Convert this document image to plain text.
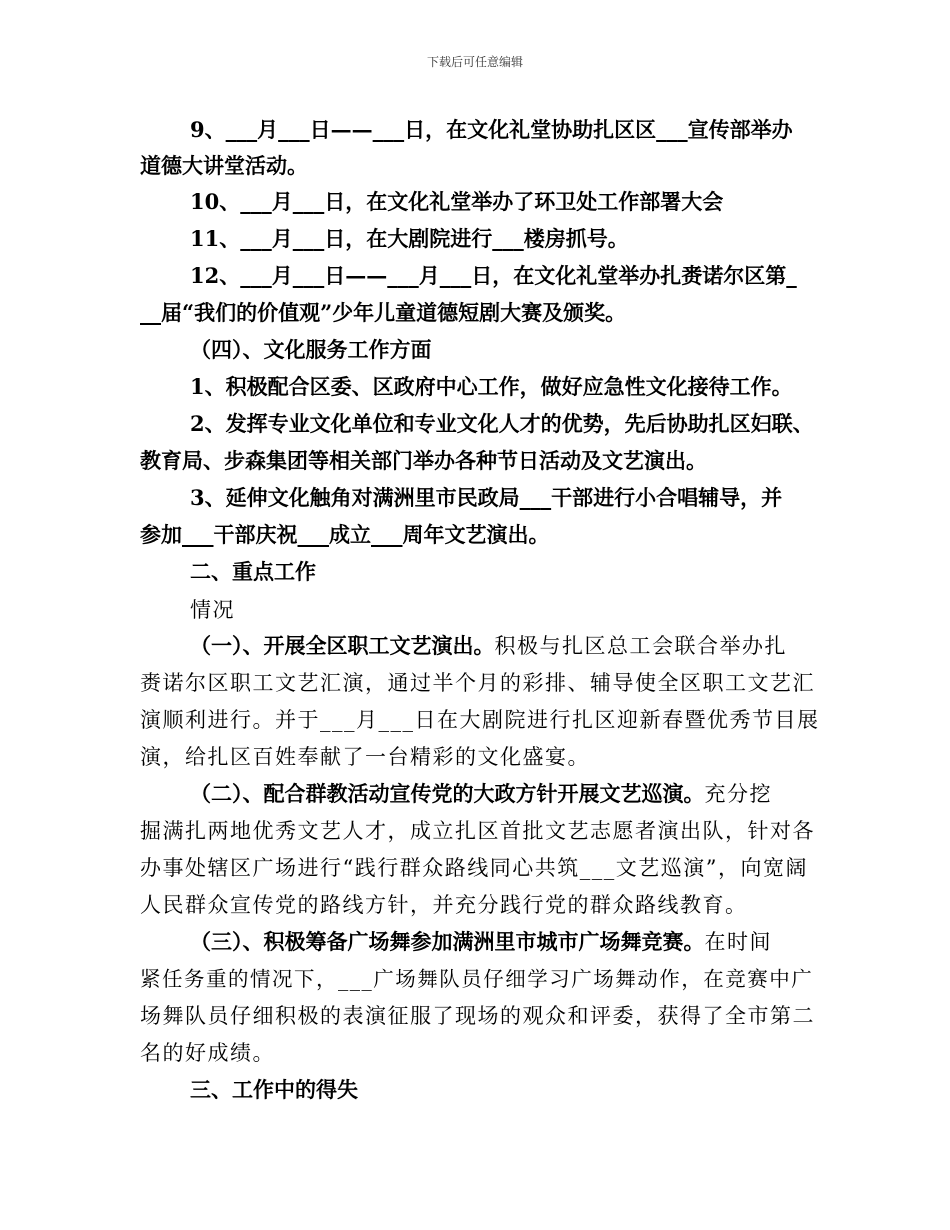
下载后可任意编辑
9、___月___日——___日，在文化礼堂协助扎区区___宣传部举办
道德大讲堂活动。
10、___月___日，在文化礼堂举办了环卫处工作部署大会
11、___月___日，在大剧院进行___楼房抓号。
12、___月___日——___月___日，在文化礼堂举办扎赉诺尔区第_
__届“我们的价值观”少年儿童道德短剧大赛及颁奖。
（四）、文化服务工作方面
1、积极配合区委、区政府中心工作，做好应急性文化接待工作。
2、发挥专业文化单位和专业文化人才的优势，先后协助扎区妇联、
教育局、步森集团等相关部门举办各种节日活动及文艺演出。
3、延伸文化触角对满洲里市民政局___干部进行小合唱辅导，并
参加___干部庆祝___成立___周年文艺演出。
二、重点工作
情况
（一）、开展全区职工文艺演出。积极与扎区总工会联合举办扎
赉诺尔区职工文艺汇演，通过半个月的彩排、辅导使全区职工文艺汇
演顺利进行。并于___月___日在大剧院进行扎区迎新春暨优秀节目展
演，给扎区百姓奉献了一台精彩的文化盛宴。
（二）、配合群教活动宣传党的大政方针开展文艺巡演。充分挖
掘满扎两地优秀文艺人才，成立扎区首批文艺志愿者演出队，针对各
办事处辖区广场进行“践行群众路线同心共筑___文艺巡演”，向宽阔
人民群众宣传党的路线方针，并充分践行党的群众路线教育。
（三）、积极筹备广场舞参加满洲里市城市广场舞竞赛。在时间
紧任务重的情况下，___广场舞队员仔细学习广场舞动作，在竞赛中广
场舞队员仔细积极的表演征服了现场的观众和评委，获得了全市第二
名的好成绩。
三、工作中的得失
